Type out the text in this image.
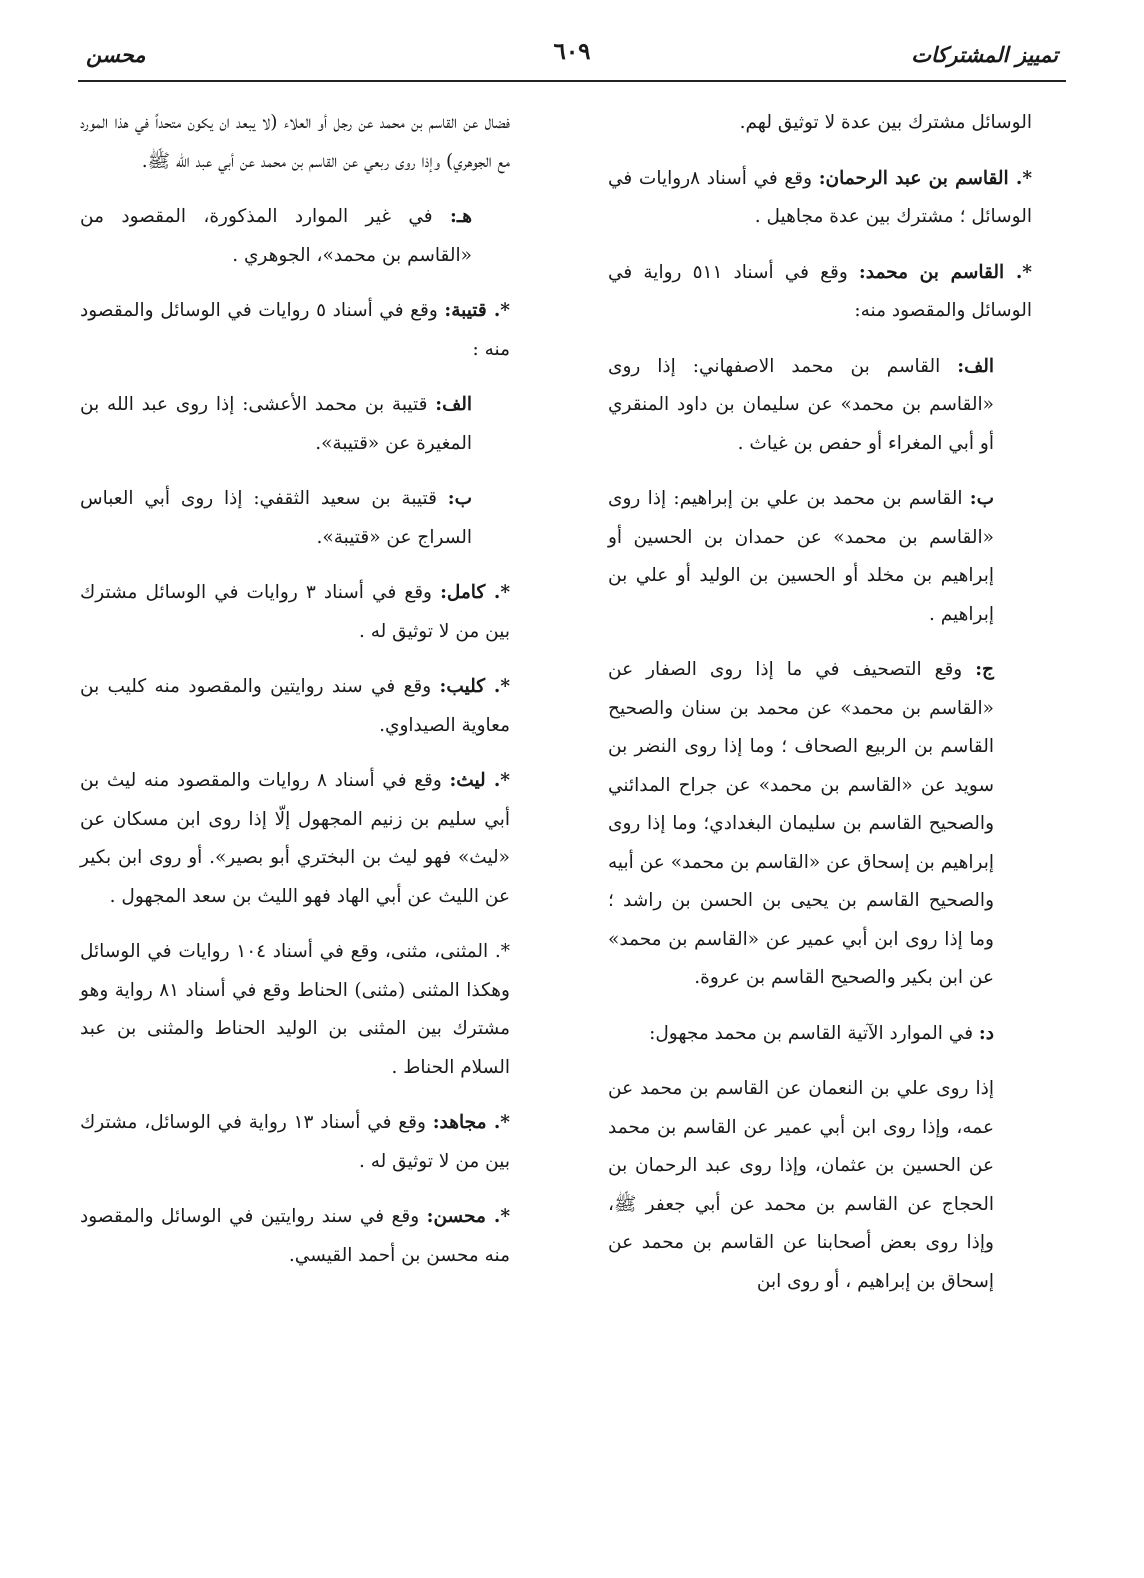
تمييز المشتركات
٦٠٩
محسن

الوسائل مشترك بين عدة لا توثيق لهم.

*. القاسم بن عبد الرحمان: وقع في أسناد ٨روايات في الوسائل ؛ مشترك بين عدة مجاهيل .

*. القاسم بن محمد: وقع في أسناد ٥١١ رواية في الوسائل والمقصود منه:

الف: القاسم بن محمد الاصفهاني: إذا روى «القاسم بن محمد» عن سليمان بن داود المنقري أو أبي المغراء أو حفص بن غياث .

ب: القاسم بن محمد بن علي بن إبراهيم: إذا روى «القاسم بن محمد» عن حمدان بن الحسين أو إبراهيم بن مخلد أو الحسين بن الوليد أو علي بن إبراهيم .

ج: وقع التصحيف في ما إذا روى الصفار عن «القاسم بن محمد» عن محمد بن سنان والصحيح القاسم بن الربيع الصحاف ؛ وما إذا روى النضر بن سويد عن «القاسم بن محمد» عن جراح المدائني والصحيح القاسم بن سليمان البغدادي؛ وما إذا روى إبراهيم بن إسحاق عن «القاسم بن محمد» عن أبيه والصحيح القاسم بن يحيى بن الحسن بن راشد ؛ وما إذا روى ابن أبي عمير عن «القاسم بن محمد» عن ابن بكير والصحيح القاسم بن عروة.

د: في الموارد الآتية القاسم بن محمد مجهول:

إذا روى علي بن النعمان عن القاسم بن محمد عن عمه، وإذا روى ابن أبي عمير عن القاسم بن محمد عن الحسين بن عثمان، وإذا روى عبد الرحمان بن الحجاج عن القاسم بن محمد عن أبي جعفر ﷺ، وإذا روى بعض أصحابنا عن القاسم بن محمد عن إسحاق بن إبراهيم ، أو روى ابن

فضال عن القاسم بن محمد عن رجل أو العلاء (لا يبعد ان يكون متحداً في هذا المورد مع الجوهري) وإذا روى ربعي عن القاسم بن محمد عن أبي عبد الله ﷺ.

هـ: في غير الموارد المذكورة، المقصود من «القاسم بن محمد»، الجوهري .

*. قتيبة: وقع في أسناد ٥ روايات في الوسائل والمقصود منه :

الف: قتيبة بن محمد الأعشى: إذا روى عبد الله بن المغيرة عن «قتيبة».

ب: قتيبة بن سعيد الثقفي: إذا روى أبي العباس السراج عن «قتيبة».

*. كامل: وقع في أسناد ٣ روايات في الوسائل مشترك بين من لا توثيق له .

*. كليب: وقع في سند روايتين والمقصود منه كليب بن معاوية الصيداوي.

*. ليث: وقع في أسناد ٨ روايات والمقصود منه ليث بن أبي سليم بن زنيم المجهول إلّا إذا روى ابن مسكان عن «ليث» فهو ليث بن البختري أبو بصير». أو روى ابن بكير عن الليث عن أبي الهاد فهو الليث بن سعد المجهول .

*. المثنى، مثنى، وقع في أسناد ١٠٤ روايات في الوسائل وهكذا المثنى (مثنى) الحناط وقع في أسناد ٨١ رواية وهو مشترك بين المثنى بن الوليد الحناط والمثنى بن عبد السلام الحناط .

*. مجاهد: وقع في أسناد ١٣ رواية في الوسائل، مشترك بين من لا توثيق له .

*. محسن: وقع في سند روايتين في الوسائل والمقصود منه محسن بن أحمد القيسي.
